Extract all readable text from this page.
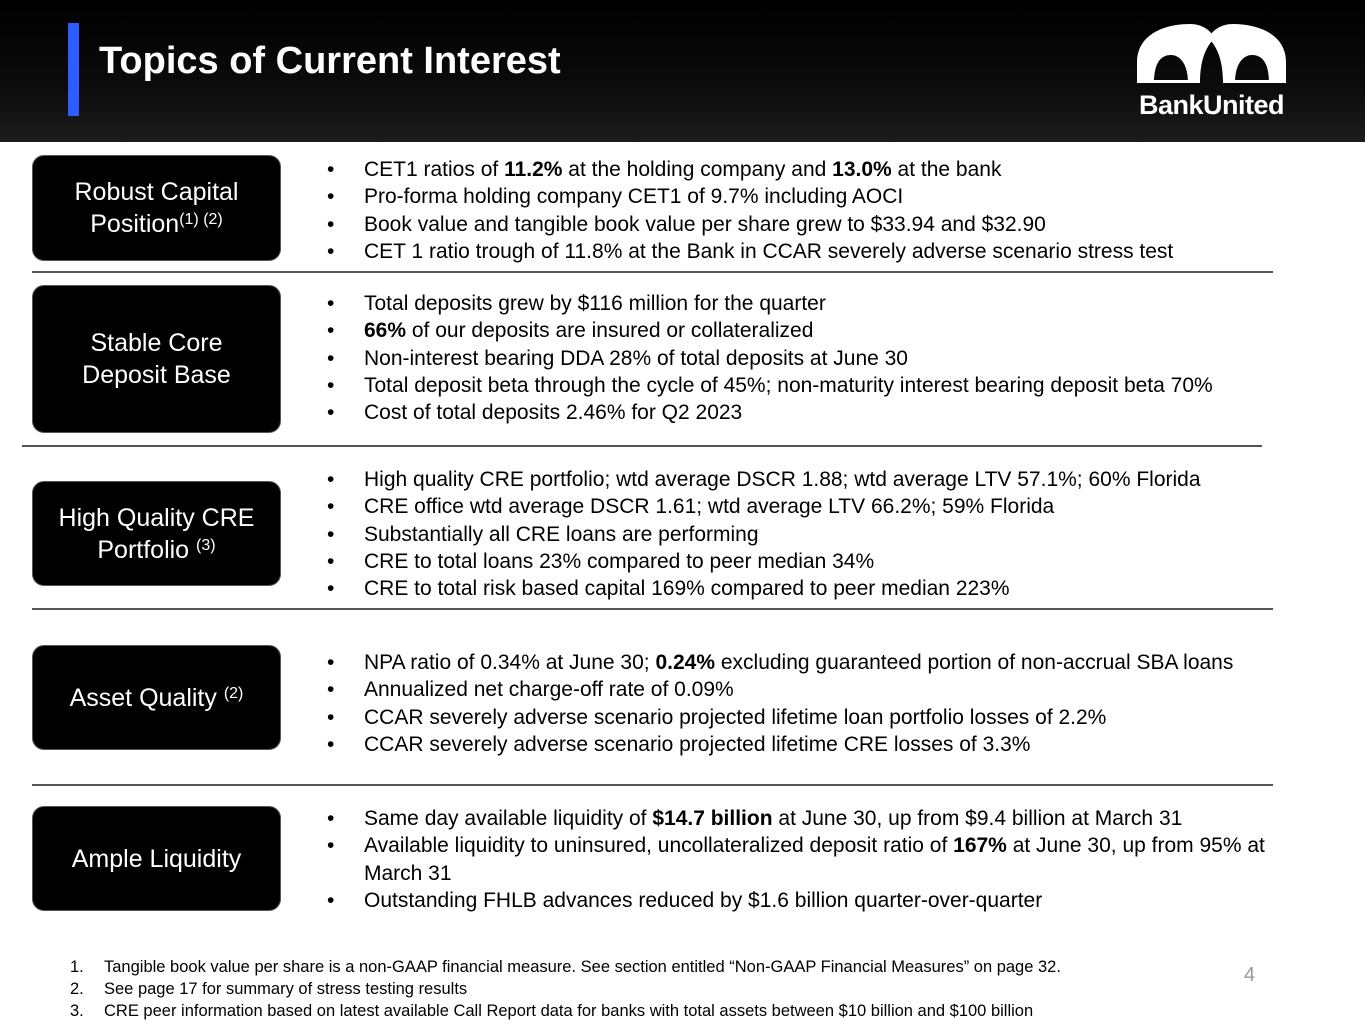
Topics of Current Interest
BankUnited
Robust Capital
Position$^{(1) (2)}$
• CET1 ratios of 11.2% at the holding company and 13.0% at the bank
• Pro-forma holding company CET1 of 9.7% including AOCI
• Book value and tangible book value per share grew to $33.94 and $32.90
• CET 1 ratio trough of 11.8% at the Bank in CCAR severely adverse scenario stress test
Stable Core
Deposit Base
• Total deposits grew by $116 million for the quarter
• 66% of our deposits are insured or collateralized
• Non-interest bearing DDA 28% of total deposits at June 30
• Total deposit beta through the cycle of 45%; non-maturity interest bearing deposit beta 70%
• Cost of total deposits 2.46% for Q2 2023
High Quality CRE
Portfolio $^{(3)}$
• High quality CRE portfolio; wtd average DSCR 1.88; wtd average LTV 57.1%; 60% Florida
• CRE office wtd average DSCR 1.61; wtd average LTV 66.2%; 59% Florida
• Substantially all CRE loans are performing
• CRE to total loans 23% compared to peer median 34%
• CRE to total risk based capital 169% compared to peer median 223%
Asset Quality $^{(2)}$
• NPA ratio of 0.34% at June 30; 0.24% excluding guaranteed portion of non-accrual SBA loans
• Annualized net charge-off rate of 0.09%
• CCAR severely adverse scenario projected lifetime loan portfolio losses of 2.2%
• CCAR severely adverse scenario projected lifetime CRE losses of 3.3%
Ample Liquidity
• Same day available liquidity of $14.7 billion at June 30, up from $9.4 billion at March 31
• Available liquidity to uninsured, uncollateralized deposit ratio of 167% at June 30, up from 95% at March 31
• Outstanding FHLB advances reduced by $1.6 billion quarter-over-quarter
1. Tangible book value per share is a non-GAAP financial measure. See section entitled “Non-GAAP Financial Measures” on page 32.
2. See page 17 for summary of stress testing results
3. CRE peer information based on latest available Call Report data for banks with total assets between $10 billion and $100 billion
4
